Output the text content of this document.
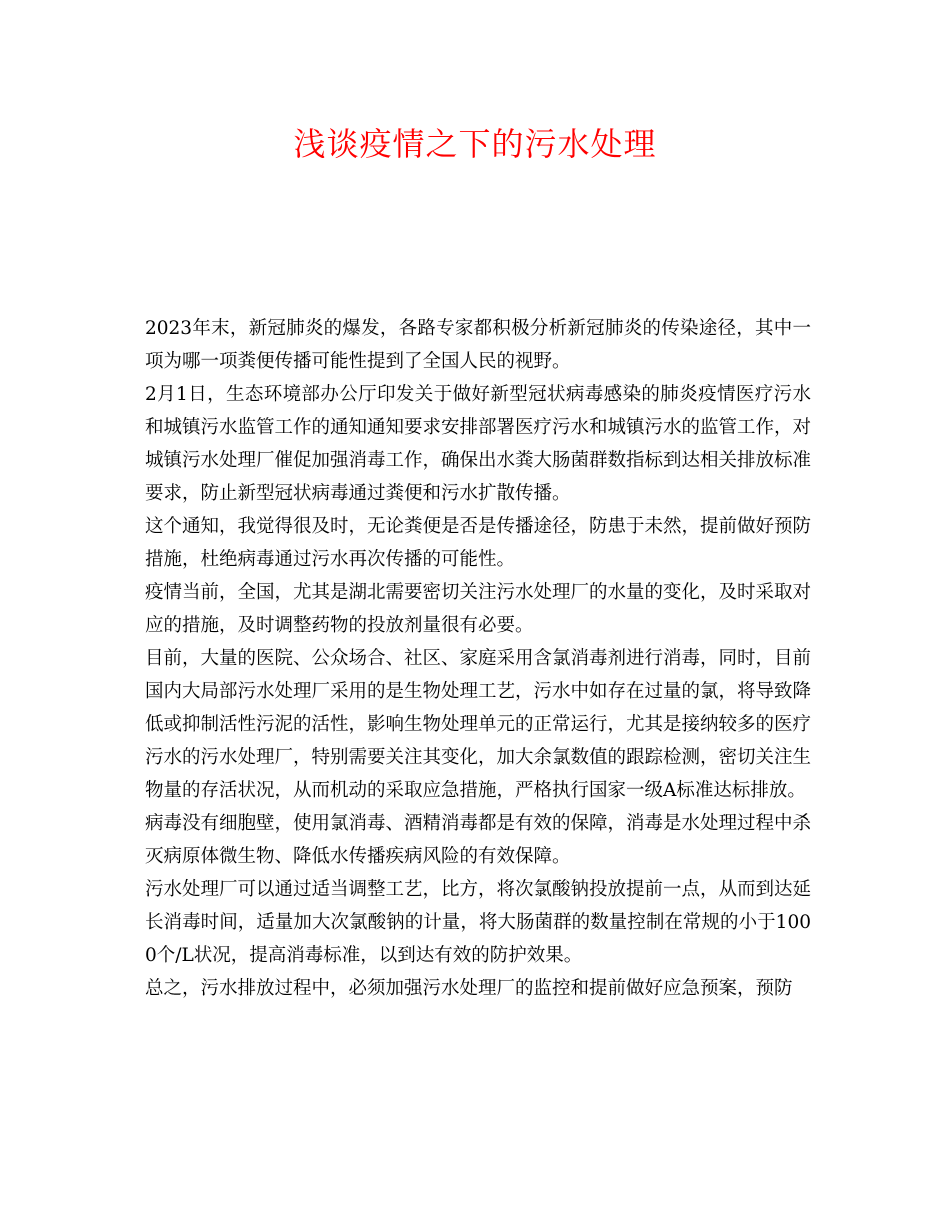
浅谈疫情之下的污水处理

2023年末，新冠肺炎的爆发，各路专家都积极分析新冠肺炎的传染途径，其中一项为哪一项粪便传播可能性提到了全国人民的视野。

2月1日，生态环境部办公厅印发关于做好新型冠状病毒感染的肺炎疫情医疗污水和城镇污水监管工作的通知通知要求安排部署医疗污水和城镇污水的监管工作，对城镇污水处理厂催促加强消毒工作，确保出水粪大肠菌群数指标到达相关排放标准要求，防止新型冠状病毒通过粪便和污水扩散传播。

这个通知，我觉得很及时，无论粪便是否是传播途径，防患于未然，提前做好预防措施，杜绝病毒通过污水再次传播的可能性。

疫情当前，全国，尤其是湖北需要密切关注污水处理厂的水量的变化，及时采取对应的措施，及时调整药物的投放剂量很有必要。

目前，大量的医院、公众场合、社区、家庭采用含氯消毒剂进行消毒，同时，目前国内大局部污水处理厂采用的是生物处理工艺，污水中如存在过量的氯，将导致降低或抑制活性污泥的活性，影响生物处理单元的正常运行，尤其是接纳较多的医疗污水的污水处理厂，特别需要关注其变化，加大余氯数值的跟踪检测，密切关注生物量的存活状况，从而机动的采取应急措施，严格执行国家一级A标准达标排放。

病毒没有细胞壁，使用氯消毒、酒精消毒都是有效的保障，消毒是水处理过程中杀灭病原体微生物、降低水传播疾病风险的有效保障。

污水处理厂可以通过适当调整工艺，比方，将次氯酸钠投放提前一点，从而到达延长消毒时间，适量加大次氯酸钠的计量，将大肠菌群的数量控制在常规的小于1000个/L状况，提高消毒标准，以到达有效的防护效果。

总之，污水排放过程中，必须加强污水处理厂的监控和提前做好应急预案，预防
